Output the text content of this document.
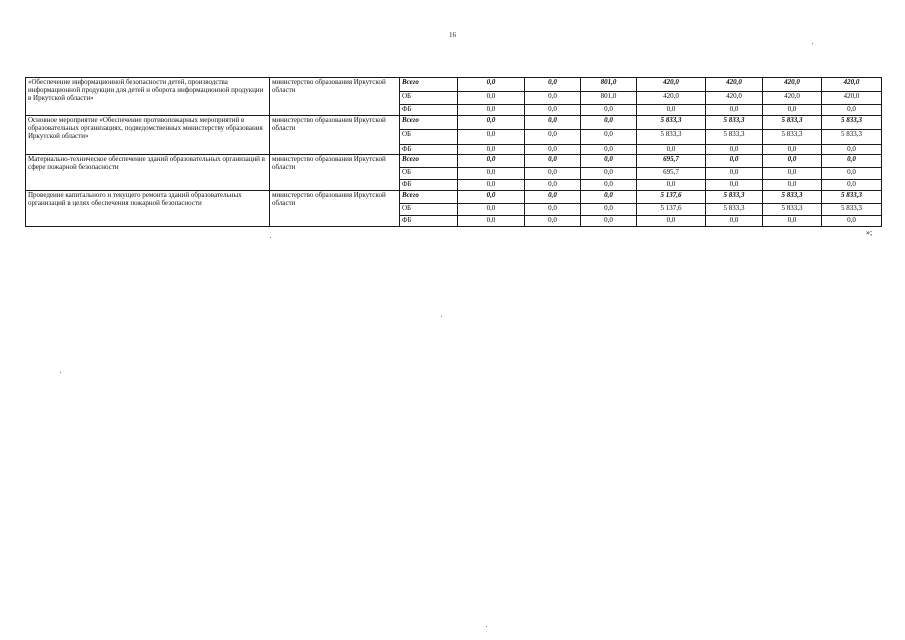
16
«Обеспечение информационной безопасности детей, производства информационной продукции для детей и оборота информационной продукции в Иркутской области»	министерство образования Иркутской области	Всего	0,0	0,0	801,0	420,0	420,0	420,0	420,0
		ОБ	0,0	0,0	801,0	420,0	420,0	420,0	420,0
		ФБ	0,0	0,0	0,0	0,0	0,0	0,0	0,0
Основное мероприятие «Обеспечение противопожарных мероприятий в образовательных организациях, подведомственных министерству образования Иркутской области»	министерство образования Иркутской области	Всего	0,0	0,0	0,0	5 833,3	5 833,3	5 833,3	5 833,3
		ОБ	0,0	0,0	0,0	5 833,3	5 833,3	5 833,3	5 833,3
		ФБ	0,0	0,0	0,0	0,0	0,0	0,0	0,0
Материально-техническое обеспечение зданий образовательных организаций в сфере пожарной безопасности	министерство образования Иркутской области	Всего	0,0	0,0	0,0	695,7	0,0	0,0	0,0
		ОБ	0,0	0,0	0,0	695,7	0,0	0,0	0,0
		ФБ	0,0	0,0	0,0	0,0	0,0	0,0	0,0
Проведение капитального и текущего ремонта зданий образовательных организаций в целях обеспечения пожарной безопасности	министерство образования Иркутской области	Всего	0,0	0,0	0,0	5 137,6	5 833,3	5 833,3	5 833,3
		ОБ	0,0	0,0	0,0	5 137,6	5 833,3	5 833,3	5 833,3
		ФБ	0,0	0,0	0,0	0,0	0,0	0,0	0,0
»;
